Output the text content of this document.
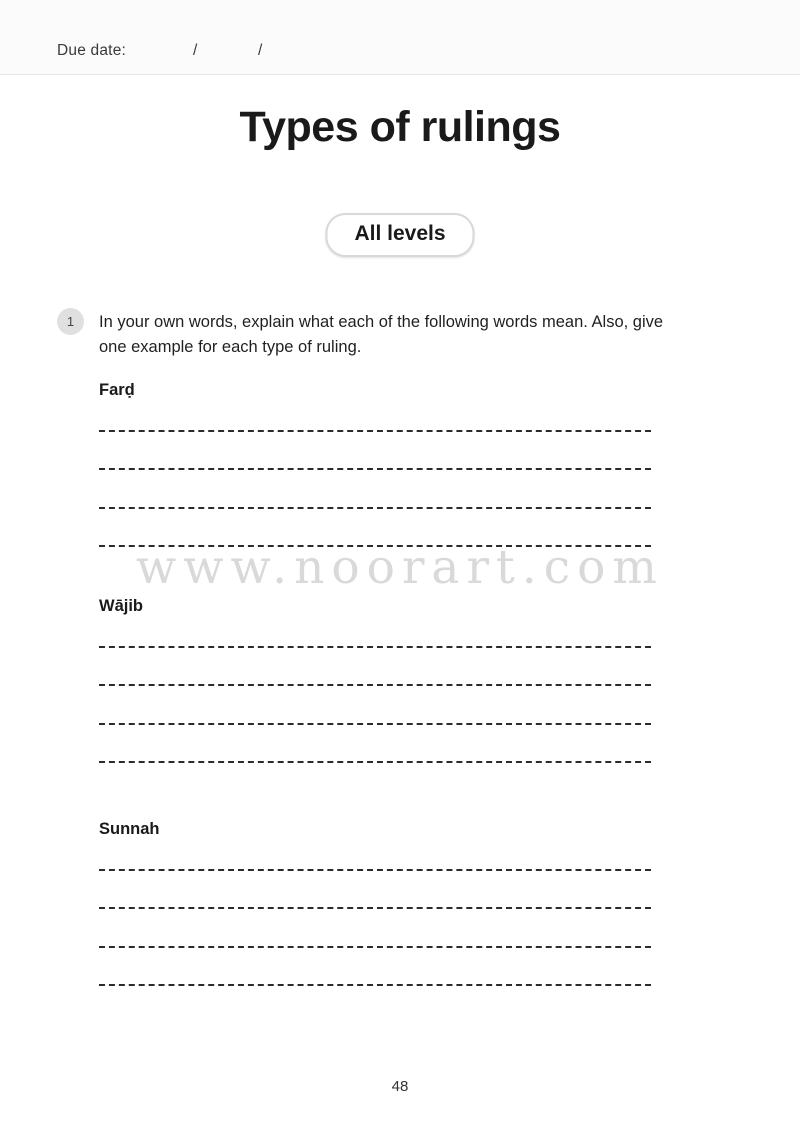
Due date:	/	/
Types of rulings
All levels
1	In your own words, explain what each of the following words mean. Also, give one example for each type of ruling.
Farḍ
Wājib
Sunnah
www.noorart.com
48
